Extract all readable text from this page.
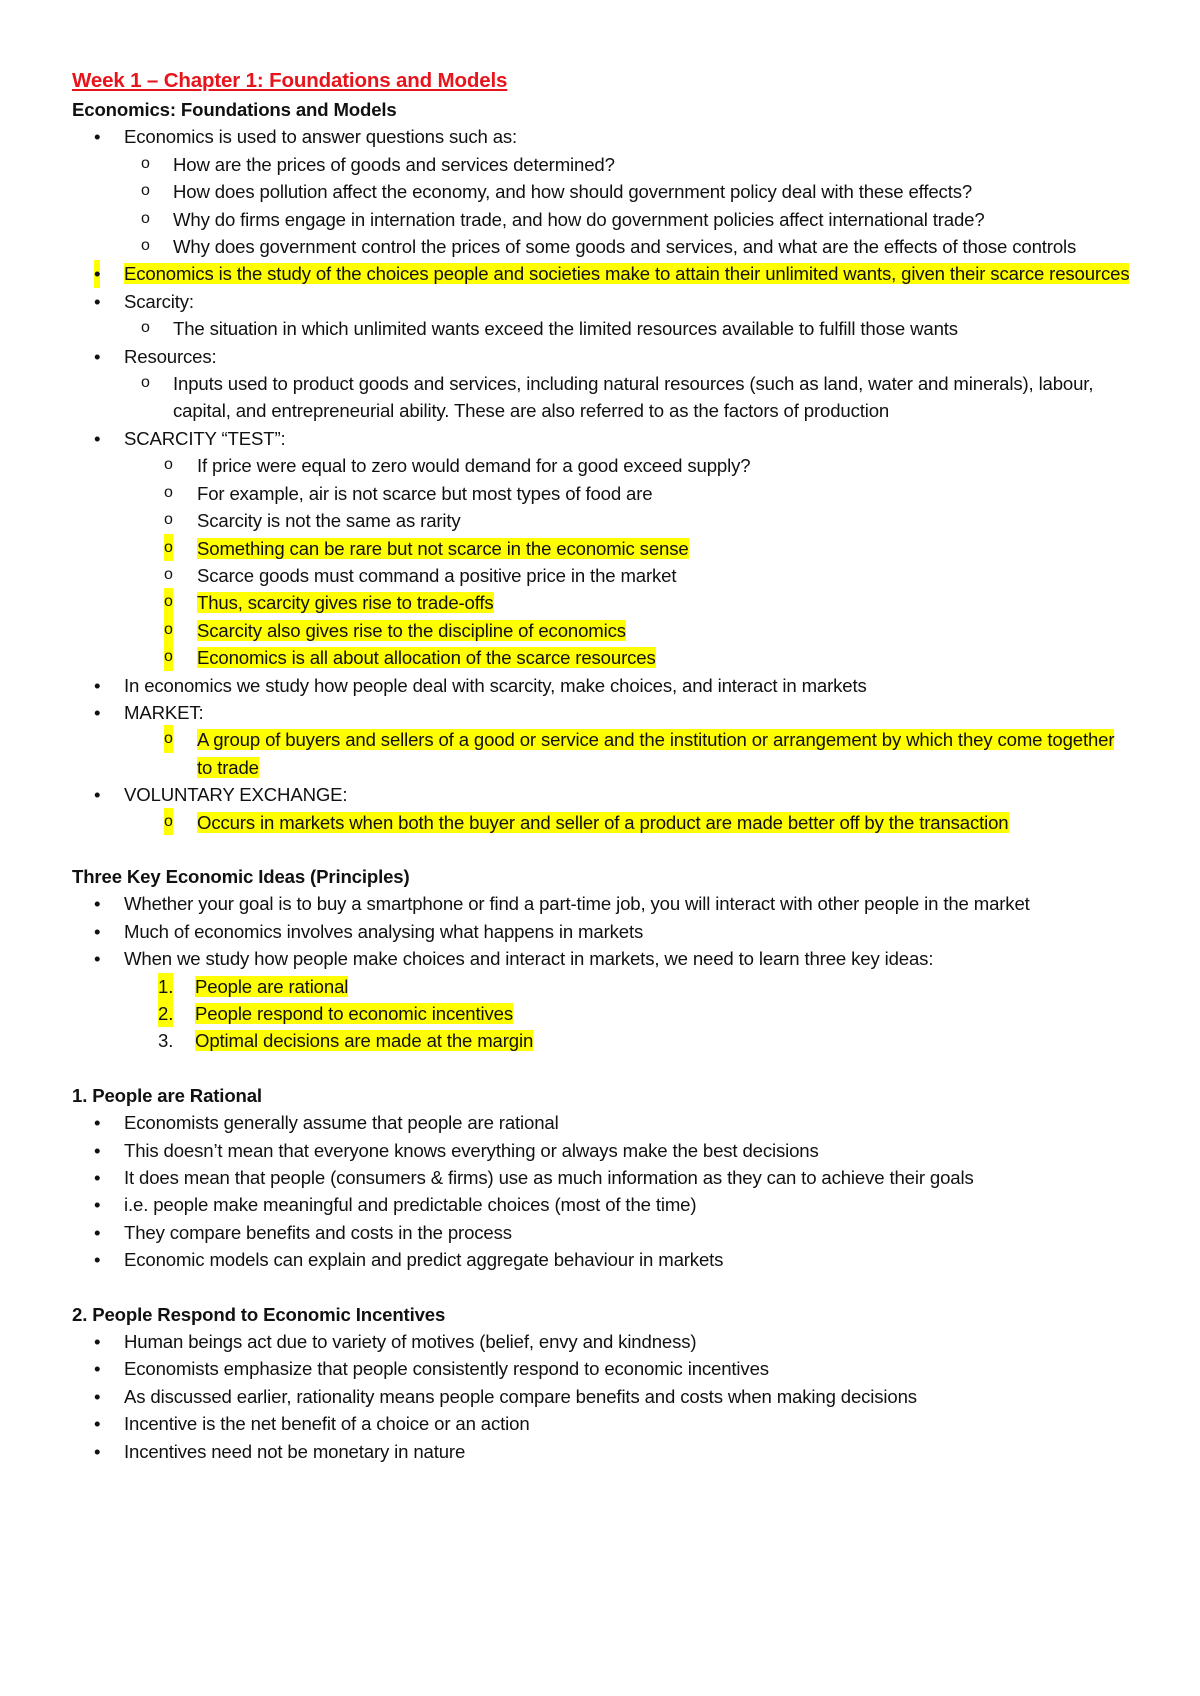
Week 1 – Chapter 1: Foundations and Models
Economics: Foundations and Models
• Economics is used to answer questions such as:
o How are the prices of goods and services determined?
o How does pollution affect the economy, and how should government policy deal with these effects?
o Why do firms engage in internation trade, and how do government policies affect international trade?
o Why does government control the prices of some goods and services, and what are the effects of those controls
• Economics is the study of the choices people and societies make to attain their unlimited wants, given their scarce resources
• Scarcity:
o The situation in which unlimited wants exceed the limited resources available to fulfill those wants
• Resources:
o Inputs used to product goods and services, including natural resources (such as land, water and minerals), labour, capital, and entrepreneurial ability. These are also referred to as the factors of production
• SCARCITY “TEST”:
o If price were equal to zero would demand for a good exceed supply?
o For example, air is not scarce but most types of food are
o Scarcity is not the same as rarity
o Something can be rare but not scarce in the economic sense
o Scarce goods must command a positive price in the market
o Thus, scarcity gives rise to trade-offs
o Scarcity also gives rise to the discipline of economics
o Economics is all about allocation of the scarce resources
• In economics we study how people deal with scarcity, make choices, and interact in markets
• MARKET:
o A group of buyers and sellers of a good or service and the institution or arrangement by which they come together to trade
• VOLUNTARY EXCHANGE:
o Occurs in markets when both the buyer and seller of a product are made better off by the transaction
Three Key Economic Ideas (Principles)
• Whether your goal is to buy a smartphone or find a part-time job, you will interact with other people in the market
• Much of economics involves analysing what happens in markets
• When we study how people make choices and interact in markets, we need to learn three key ideas:
1. People are rational
2. People respond to economic incentives
3. Optimal decisions are made at the margin
1. People are Rational
• Economists generally assume that people are rational
• This doesn’t mean that everyone knows everything or always make the best decisions
• It does mean that people (consumers & firms) use as much information as they can to achieve their goals
• i.e. people make meaningful and predictable choices (most of the time)
• They compare benefits and costs in the process
• Economic models can explain and predict aggregate behaviour in markets
2. People Respond to Economic Incentives
• Human beings act due to variety of motives (belief, envy and kindness)
• Economists emphasize that people consistently respond to economic incentives
• As discussed earlier, rationality means people compare benefits and costs when making decisions
• Incentive is the net benefit of a choice or an action
• Incentives need not be monetary in nature
